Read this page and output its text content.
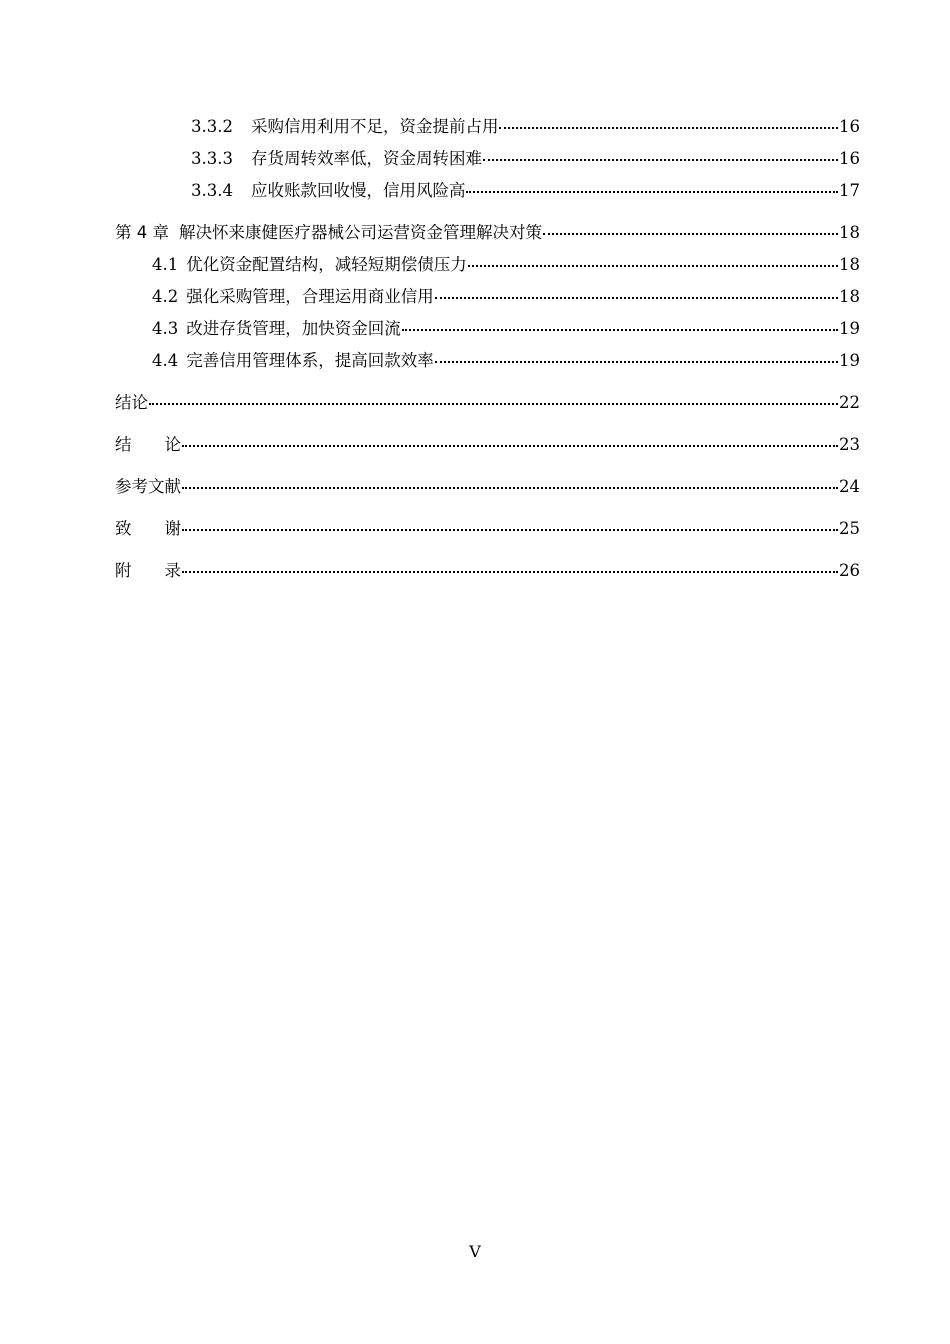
3.3.2 采购信用利用不足，资金提前占用	16
3.3.3 存货周转效率低，资金周转困难	16
3.3.4 应收账款回收慢，信用风险高	17
第 4 章 解决怀来康健医疗器械公司运营资金管理解决对策	18
4.1 优化资金配置结构，减轻短期偿债压力	18
4.2 强化采购管理，合理运用商业信用	18
4.3 改进存货管理，加快资金回流	19
4.4 完善信用管理体系，提高回款效率	19
结论	22
结　　论	23
参考文献	24
致　　谢	25
附　　录	26
V
